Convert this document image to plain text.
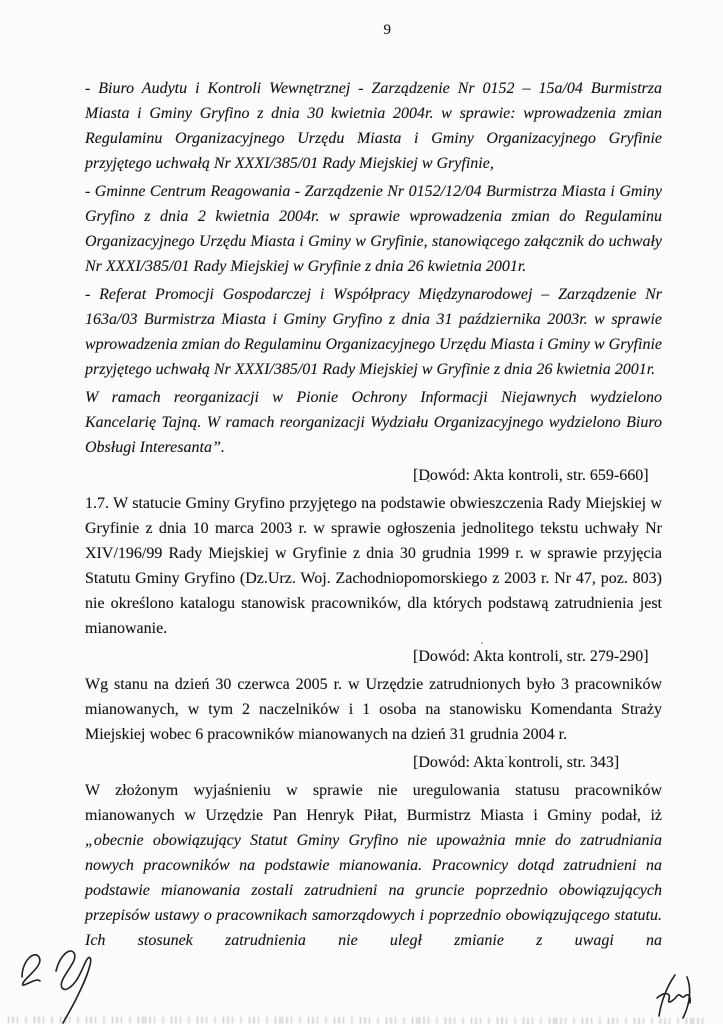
9

- Biuro Audytu i Kontroli Wewnętrznej - Zarządzenie Nr 0152 – 15a/04 Burmistrza Miasta i Gminy Gryfino z dnia 30 kwietnia 2004r. w sprawie: wprowadzenia zmian Regulaminu Organizacyjnego Urzędu Miasta i Gminy Organizacyjnego Gryfinie przyjętego uchwałą Nr XXXI/385/01 Rady Miejskiej w Gryfinie,

- Gminne Centrum Reagowania - Zarządzenie Nr 0152/12/04 Burmistrza Miasta i Gminy Gryfino z dnia 2 kwietnia 2004r. w sprawie wprowadzenia zmian do Regulaminu Organizacyjnego Urzędu Miasta i Gminy w Gryfinie, stanowiącego załącznik do uchwały Nr XXXI/385/01 Rady Miejskiej w Gryfinie z dnia 26 kwietnia 2001r.

- Referat Promocji Gospodarczej i Współpracy Międzynarodowej – Zarządzenie Nr 163a/03 Burmistrza Miasta i Gminy Gryfino z dnia 31 października 2003r. w sprawie wprowadzenia zmian do Regulaminu Organizacyjnego Urzędu Miasta i Gminy w Gryfinie przyjętego uchwałą Nr XXXI/385/01 Rady Miejskiej w Gryfinie z dnia 26 kwietnia 2001r.

W ramach reorganizacji w Pionie Ochrony Informacji Niejawnych wydzielono Kancelarię Tajną. W ramach reorganizacji Wydziału Organizacyjnego wydzielono Biuro Obsługi Interesanta”.

[Dowód: Akta kontroli, str. 659-660]

1.7. W statucie Gminy Gryfino przyjętego na podstawie obwieszczenia Rady Miejskiej w Gryfinie z dnia 10 marca 2003 r. w sprawie ogłoszenia jednolitego tekstu uchwały Nr XIV/196/99 Rady Miejskiej w Gryfinie z dnia 30 grudnia 1999 r. w sprawie przyjęcia Statutu Gminy Gryfino (Dz.Urz. Woj. Zachodniopomorskiego z 2003 r. Nr 47, poz. 803) nie określono katalogu stanowisk pracowników, dla których podstawą zatrudnienia jest mianowanie.

[Dowód: Akta kontroli, str. 279-290]

Wg stanu na dzień 30 czerwca 2005 r. w Urzędzie zatrudnionych było 3 pracowników mianowanych, w tym 2 naczelników i 1 osoba na stanowisku Komendanta Straży Miejskiej wobec 6 pracowników mianowanych na dzień 31 grudnia 2004 r.

[Dowód: Akta kontroli, str. 343]

W złożonym wyjaśnieniu w sprawie nie uregulowania statusu pracowników mianowanych w Urzędzie Pan Henryk Piłat, Burmistrz Miasta i Gminy podał, iż „obecnie obowiązujący Statut Gminy Gryfino nie upoważnia mnie do zatrudniania nowych pracowników na podstawie mianowania. Pracownicy dotąd zatrudnieni na podstawie mianowania zostali zatrudnieni na gruncie poprzednio obowiązujących przepisów ustawy o pracownikach samorządowych i poprzednio obowiązującego statutu. Ich stosunek zatrudnienia nie uległ zmianie z uwagi na
